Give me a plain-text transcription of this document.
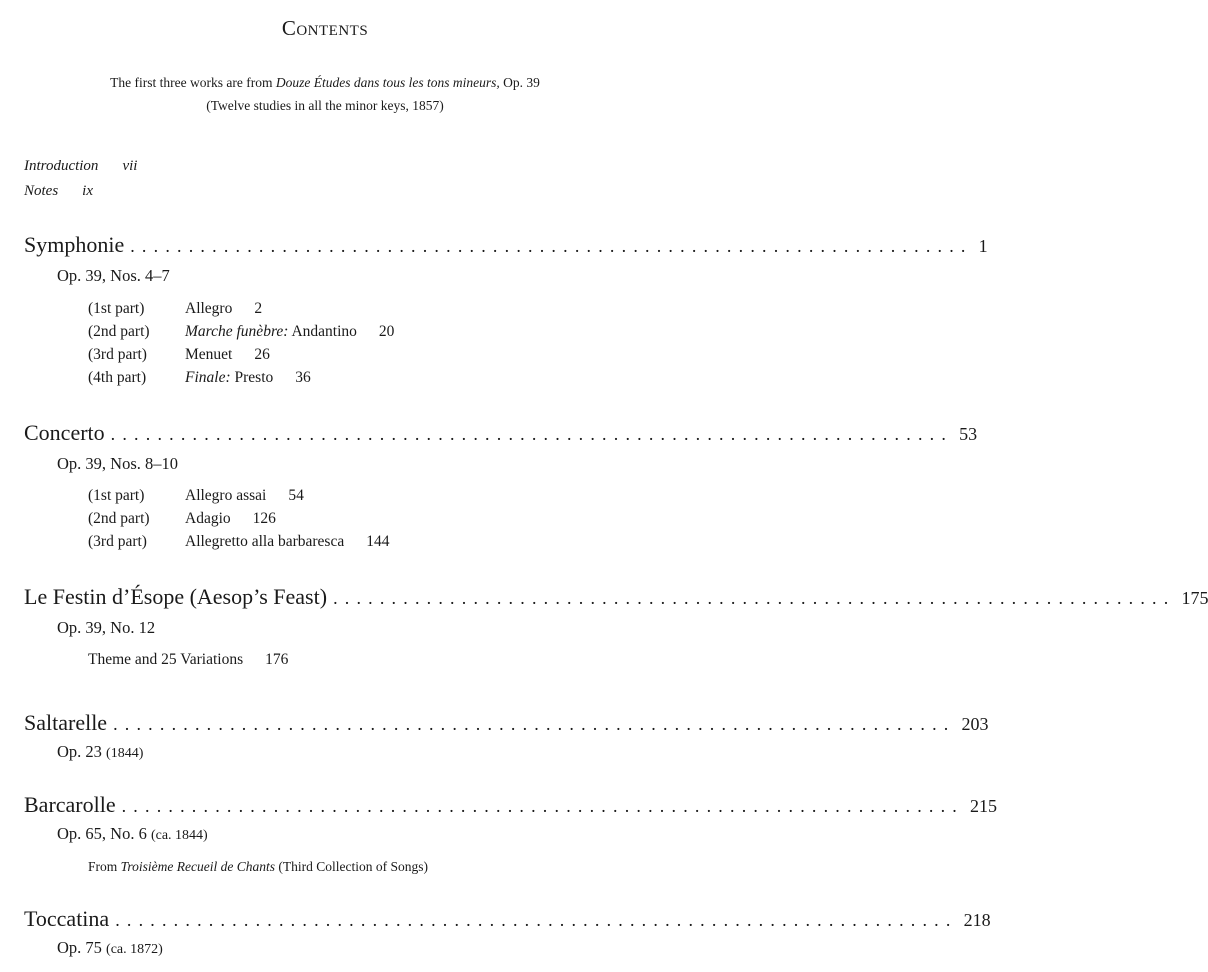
Contents
The first three works are from Douze Études dans tous les tons mineurs, Op. 39
(Twelve studies in all the minor keys, 1857)
Introduction vii
Notes ix
Symphonie ........................................................................ 1
Op. 39, Nos. 4–7
(1st part)	Allegro 2
(2nd part) Marche funèbre: Andantino 20
(3rd part) Menuet 26
(4th part)	Finale: Presto 36
Concerto ........................................................................ 53
Op. 39, Nos. 8–10
(1st part)	Allegro assai 54
(2nd part) Adagio 126
(3rd part) Allegretto alla barbaresca 144
Le Festin d’Ésope (Aesop’s Feast) ........................................................................ 175
Op. 39, No. 12
Theme and 25 Variations 176
Saltarelle ........................................................................ 203
Op. 23 (1844)
Barcarolle ........................................................................ 215
Op. 65, No. 6 (ca. 1844)
From Troisième Recueil de Chants (Third Collection of Songs)
Toccatina ........................................................................ 218
Op. 75 (ca. 1872)
